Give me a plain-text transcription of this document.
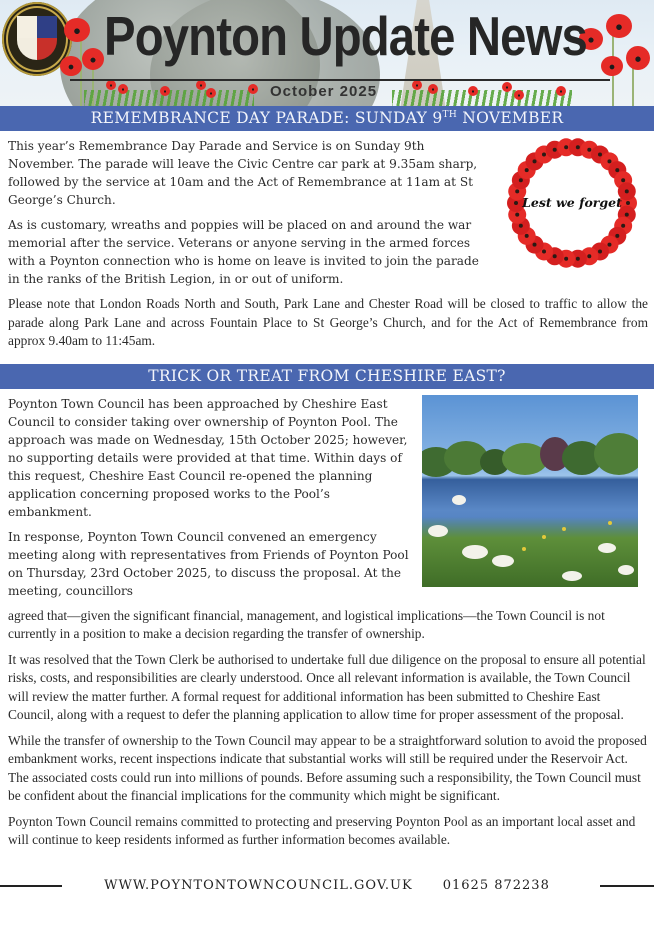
Poynton Update News
October 2025
REMEMBRANCE DAY PARADE: SUNDAY 9TH NOVEMBER
Lest we forget

This year’s Remembrance Day Parade and Service is on Sunday 9th November. The parade will leave the Civic Centre car park at 9.35am sharp, followed by the service at 10am and the Act of Remembrance at 11am at St George’s Church.

As is customary, wreaths and poppies will be placed on and around the war memorial after the service. Veterans or anyone serving in the armed forces with a Poynton connection who is home on leave is invited to join the parade in the ranks of the British Legion, in or out of uniform.

Please note that London Roads North and South, Park Lane and Chester Road will be closed to traffic to allow the parade along Park Lane and across Fountain Place to St George’s Church, and for the Act of Remembrance from approx 9.40am to 11:45am.

TRICK OR TREAT FROM CHESHIRE EAST?

Poynton Town Council has been approached by Cheshire East Council to consider taking over ownership of Poynton Pool. The approach was made on Wednesday, 15th October 2025; however, no supporting details were provided at that time. Within days of this request, Cheshire East Council re-opened the planning application concerning proposed works to the Pool’s embankment.

In response, Poynton Town Council convened an emergency meeting along with representatives from Friends of Poynton Pool on Thursday, 23rd October 2025, to discuss the proposal. At the meeting, councillors

agreed that—given the significant financial, management, and logistical implications—the Town Council is not currently in a position to make a decision regarding the transfer of ownership.

It was resolved that the Town Clerk be authorised to undertake full due diligence on the proposal to ensure all potential risks, costs, and responsibilities are clearly understood. Once all relevant information is available, the Town Council will review the matter further. A formal request for additional information has been submitted to Cheshire East Council, along with a request to defer the planning application to allow time for proper assessment of the proposal.

While the transfer of ownership to the Town Council may appear to be a straightforward solution to avoid the proposed embankment works, recent inspections indicate that substantial works will still be required under the Reservoir Act. The associated costs could run into millions of pounds. Before assuming such a responsibility, the Town Council must be confident about the financial implications for the community which might be significant.

Poynton Town Council remains committed to protecting and preserving Poynton Pool as an important local asset and will continue to keep residents informed as further information becomes available.

WWW.POYNTONTOWNCOUNCIL.GOV.UK 01625 872238
